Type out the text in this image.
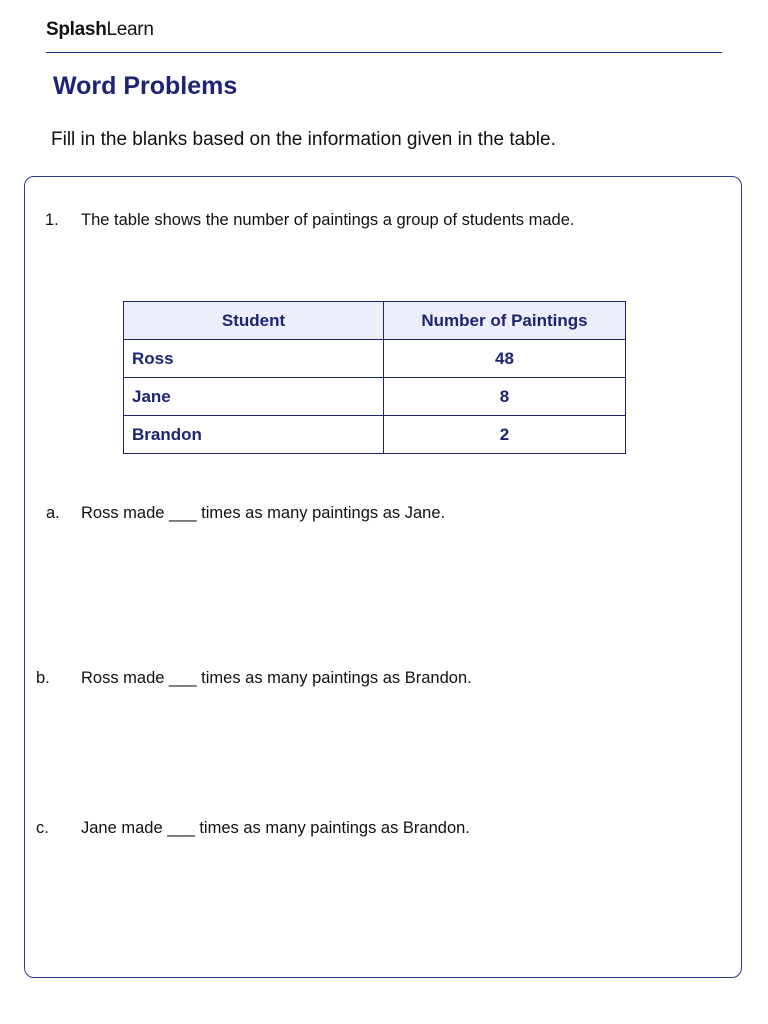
SplashLearn
Word Problems
Fill in the blanks based on the information given in the table.
1. The table shows the number of paintings a group of students made.
Student	Number of Paintings
Ross	48
Jane	8
Brandon	2
a. Ross made ___ times as many paintings as Jane.
b. Ross made ___ times as many paintings as Brandon.
c. Jane made ___ times as many paintings as Brandon.
